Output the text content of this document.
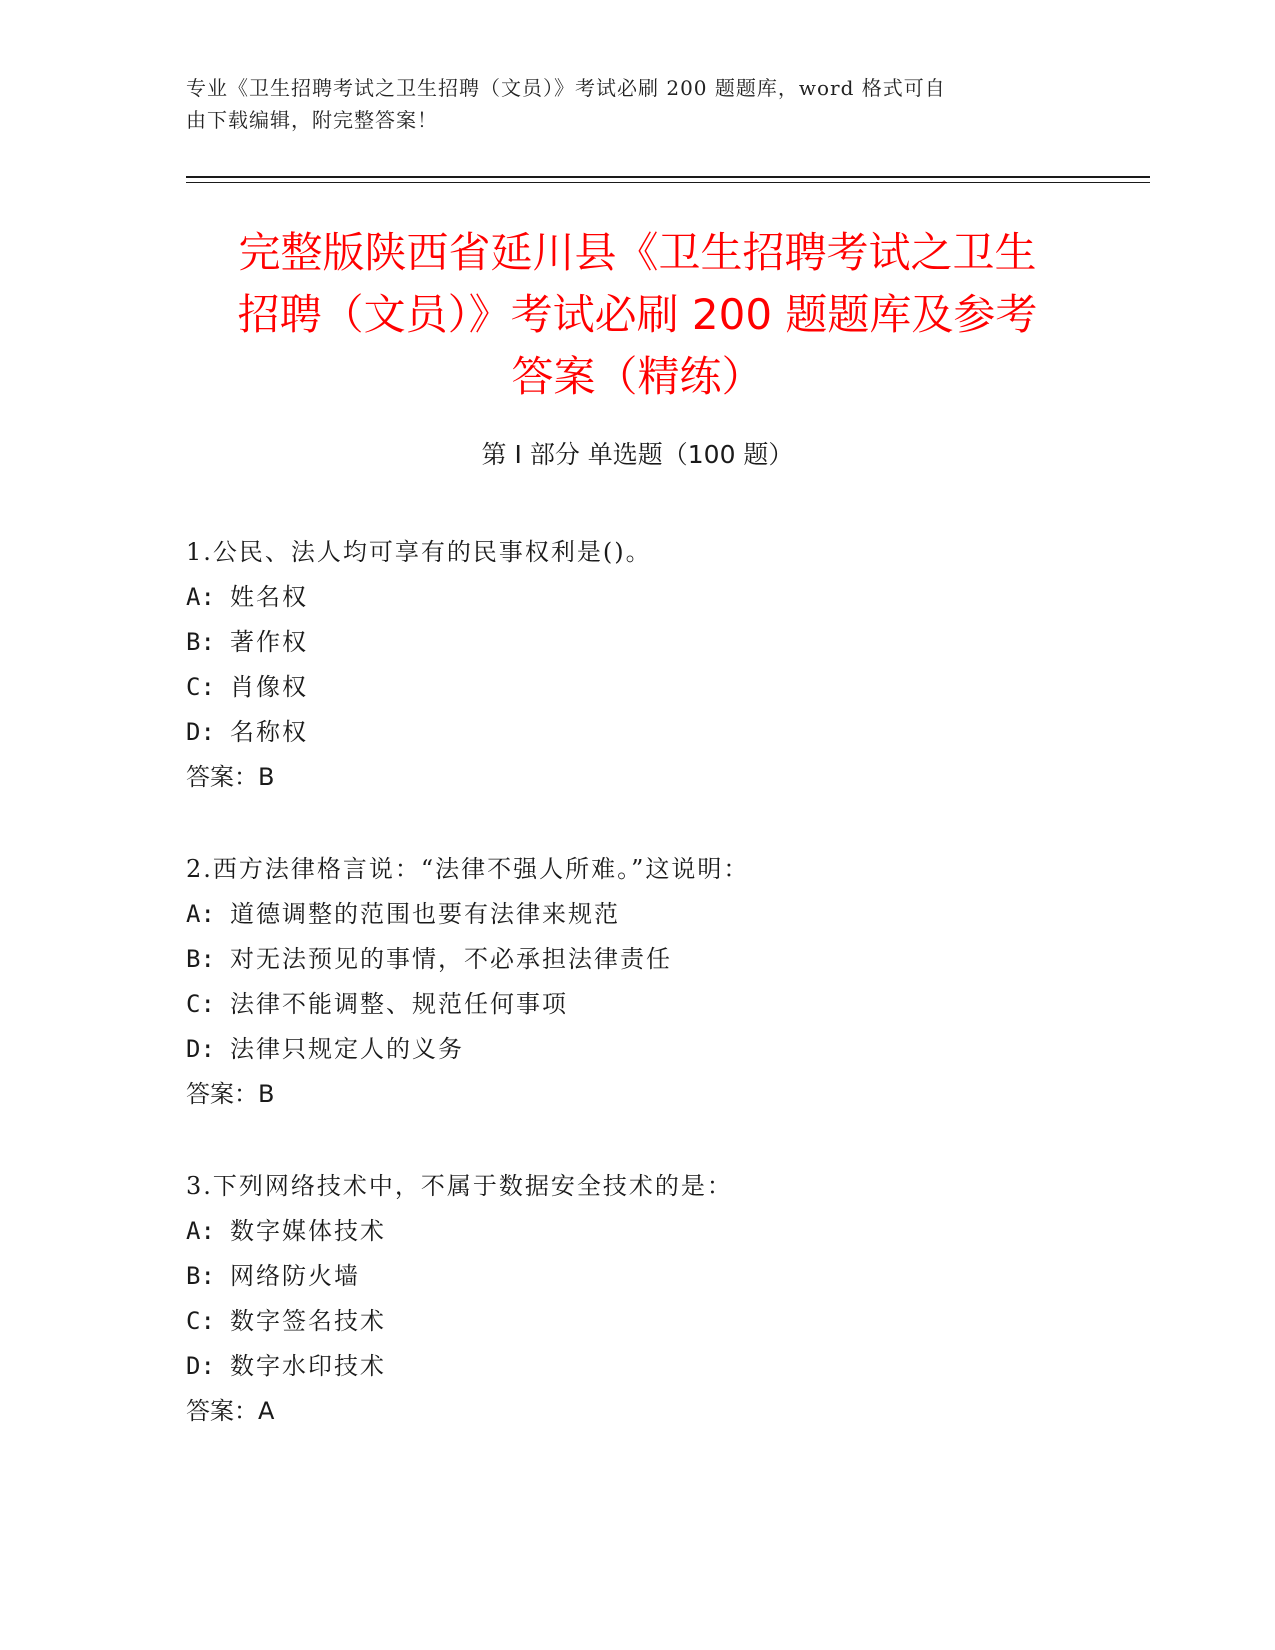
专业《卫生招聘考试之卫生招聘（文员）》考试必刷 200 题题库，word 格式可自
由下载编辑，附完整答案！
完整版陕西省延川县《卫生招聘考试之卫生
招聘（文员）》考试必刷 200 题题库及参考
答案（精练）
第 I 部分 单选题（100 题）
1.公民、法人均可享有的民事权利是()。
A: 姓名权
B: 著作权
C: 肖像权
D: 名称权
答案：B
2.西方法律格言说：“法律不强人所难。”这说明：
A: 道德调整的范围也要有法律来规范
B: 对无法预见的事情，不必承担法律责任
C: 法律不能调整、规范任何事项
D: 法律只规定人的义务
答案：B
3.下列网络技术中，不属于数据安全技术的是：
A: 数字媒体技术
B: 网络防火墙
C: 数字签名技术
D: 数字水印技术
答案：A
